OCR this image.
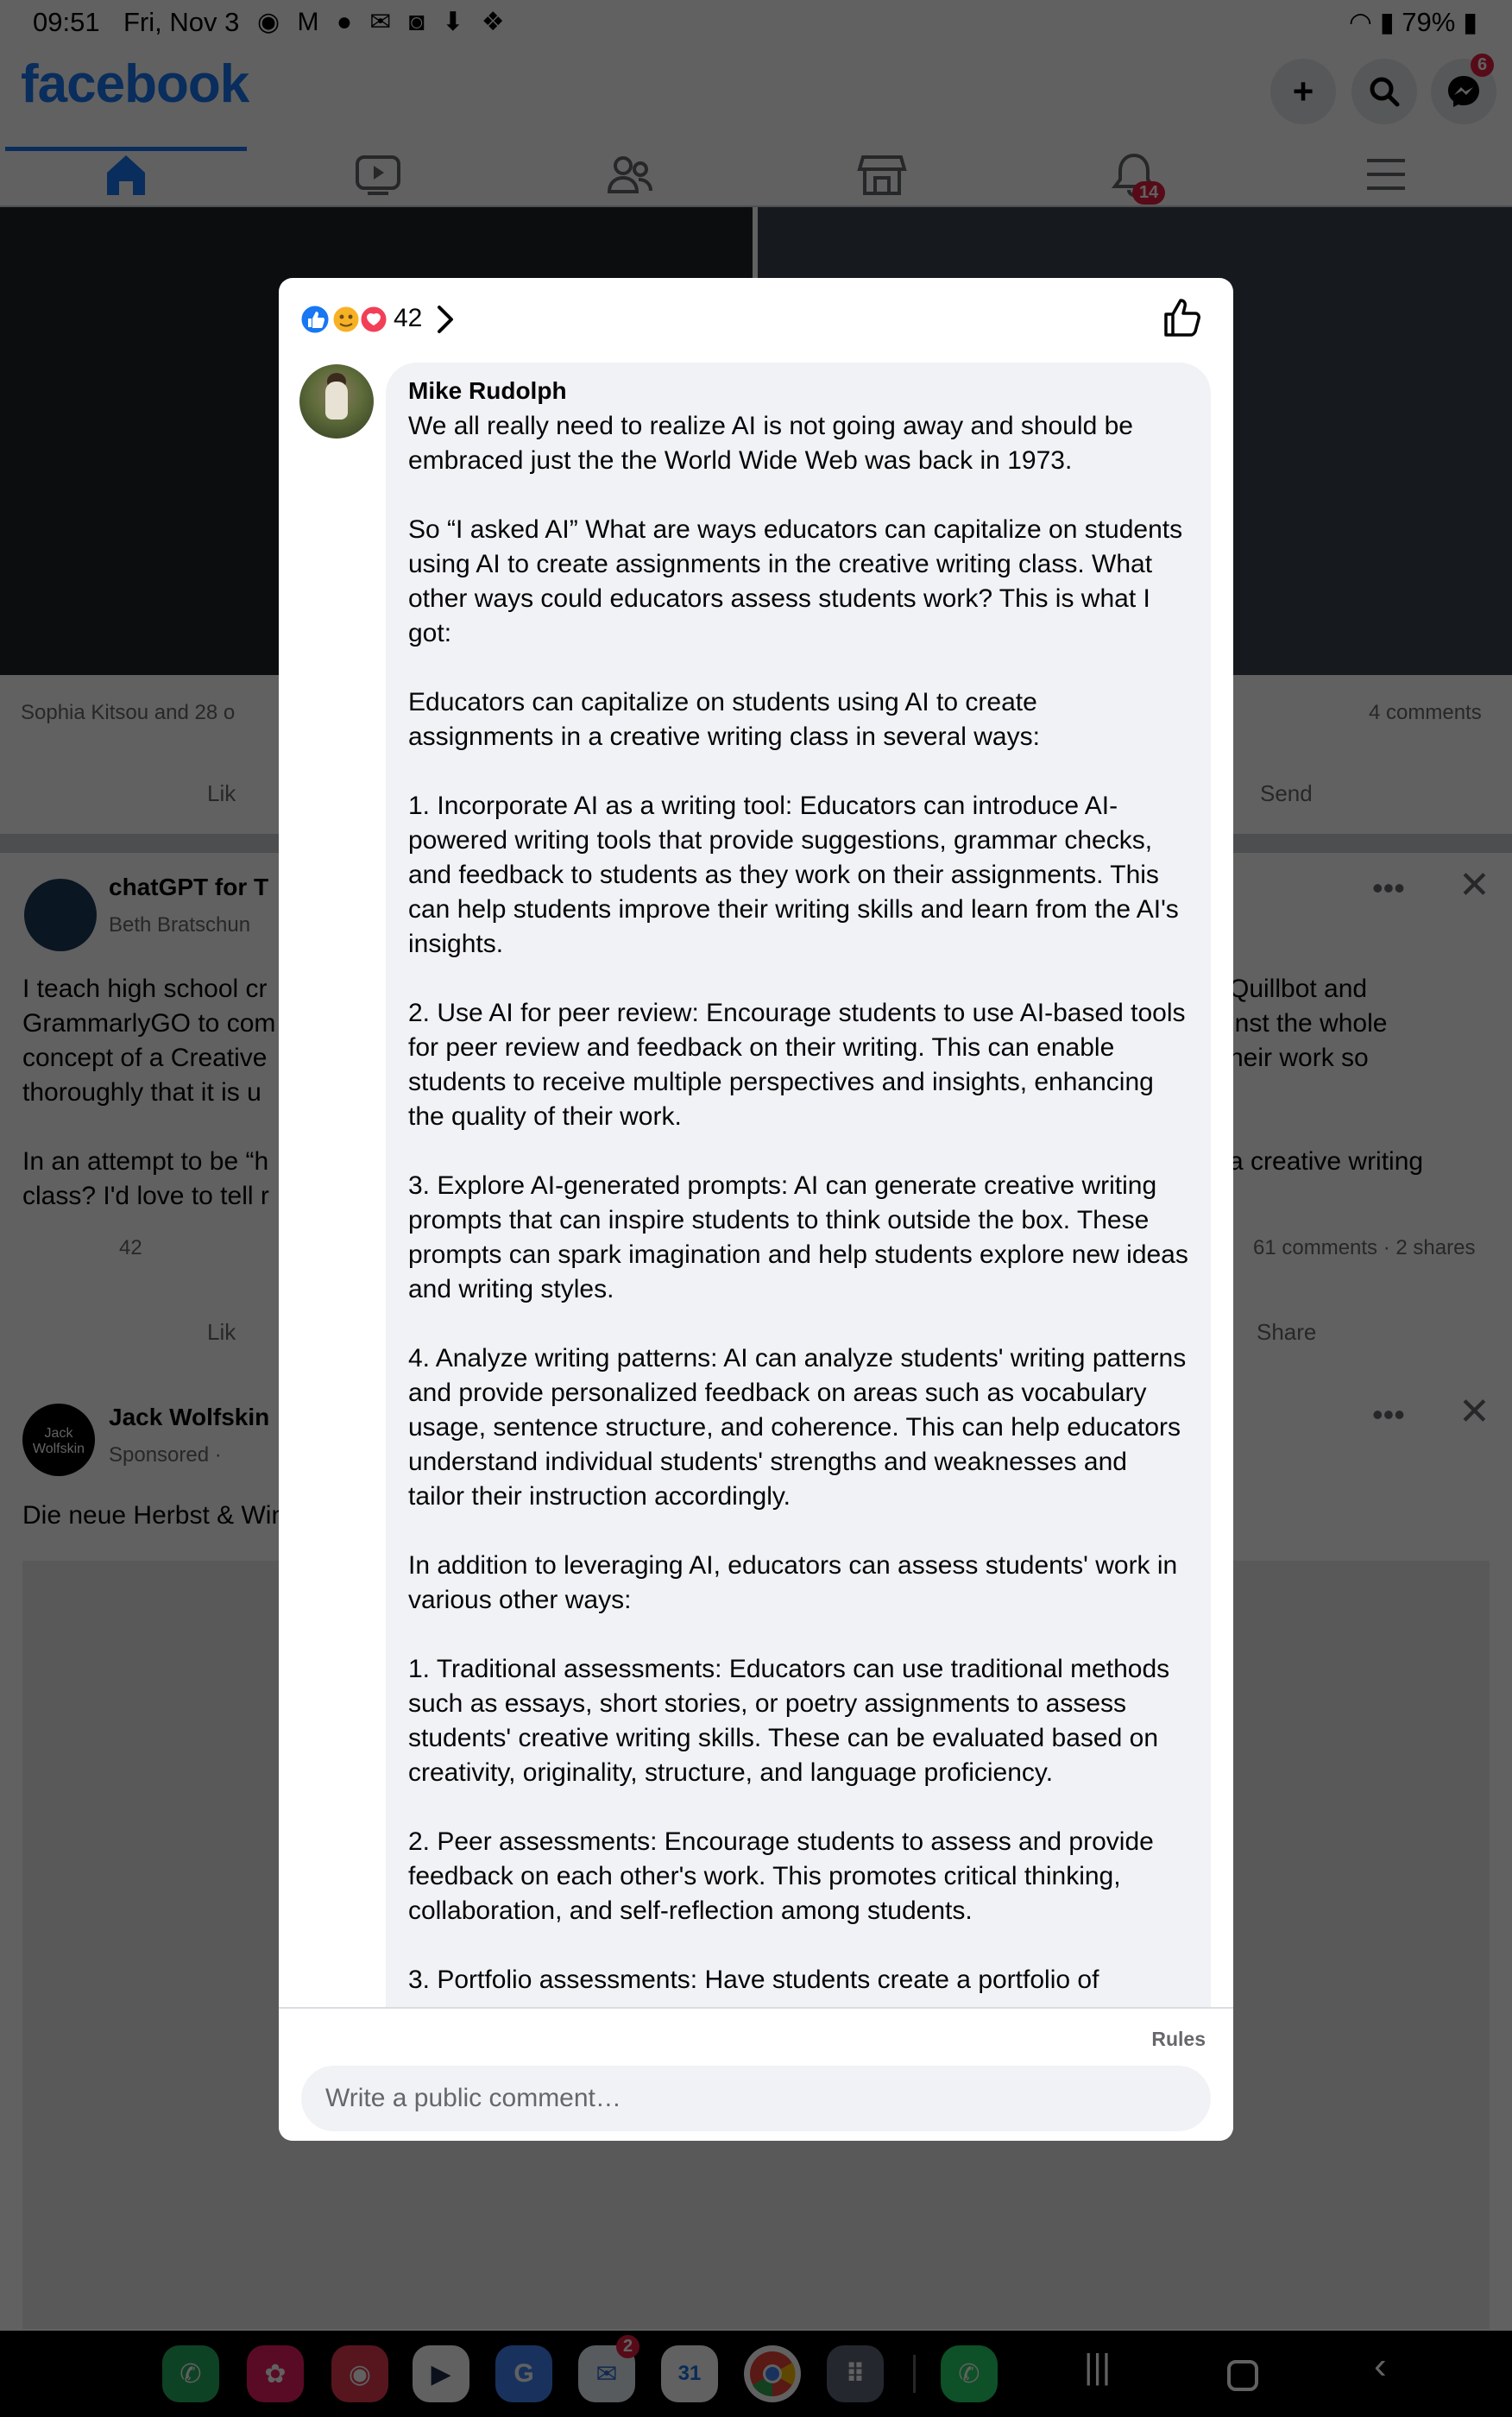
42
Mike Rudolph
We all really need to realize AI is not going away and should be embraced just the the World Wide Web was back in 1973.

So “I asked AI” What are ways educators can capitalize on students using AI to create assignments in the creative writing class. What other ways could educators assess students work? This is what I got:

Educators can capitalize on students using AI to create assignments in a creative writing class in several ways:

1. Incorporate AI as a writing tool: Educators can introduce AI-powered writing tools that provide suggestions, grammar checks, and feedback to students as they work on their assignments. This can help students improve their writing skills and learn from the AI's insights.

2. Use AI for peer review: Encourage students to use AI-based tools for peer review and feedback on their writing. This can enable students to receive multiple perspectives and insights, enhancing the quality of their work.

3. Explore AI-generated prompts: AI can generate creative writing prompts that can inspire students to think outside the box. These prompts can spark imagination and help students explore new ideas and writing styles.

4. Analyze writing patterns: AI can analyze students' writing patterns and provide personalized feedback on areas such as vocabulary usage, sentence structure, and coherence. This can help educators understand individual students' strengths and weaknesses and tailor their instruction accordingly.

In addition to leveraging AI, educators can assess students' work in various other ways:

1. Traditional assessments: Educators can use traditional methods such as essays, short stories, or poetry assignments to assess students' creative writing skills. These can be evaluated based on creativity, originality, structure, and language proficiency.

2. Peer assessments: Encourage students to assess and provide feedback on each other's work. This promotes critical thinking, collaboration, and self-reflection among students.

3. Portfolio assessments: Have students create a portfolio of
Rules
Write a public comment…
